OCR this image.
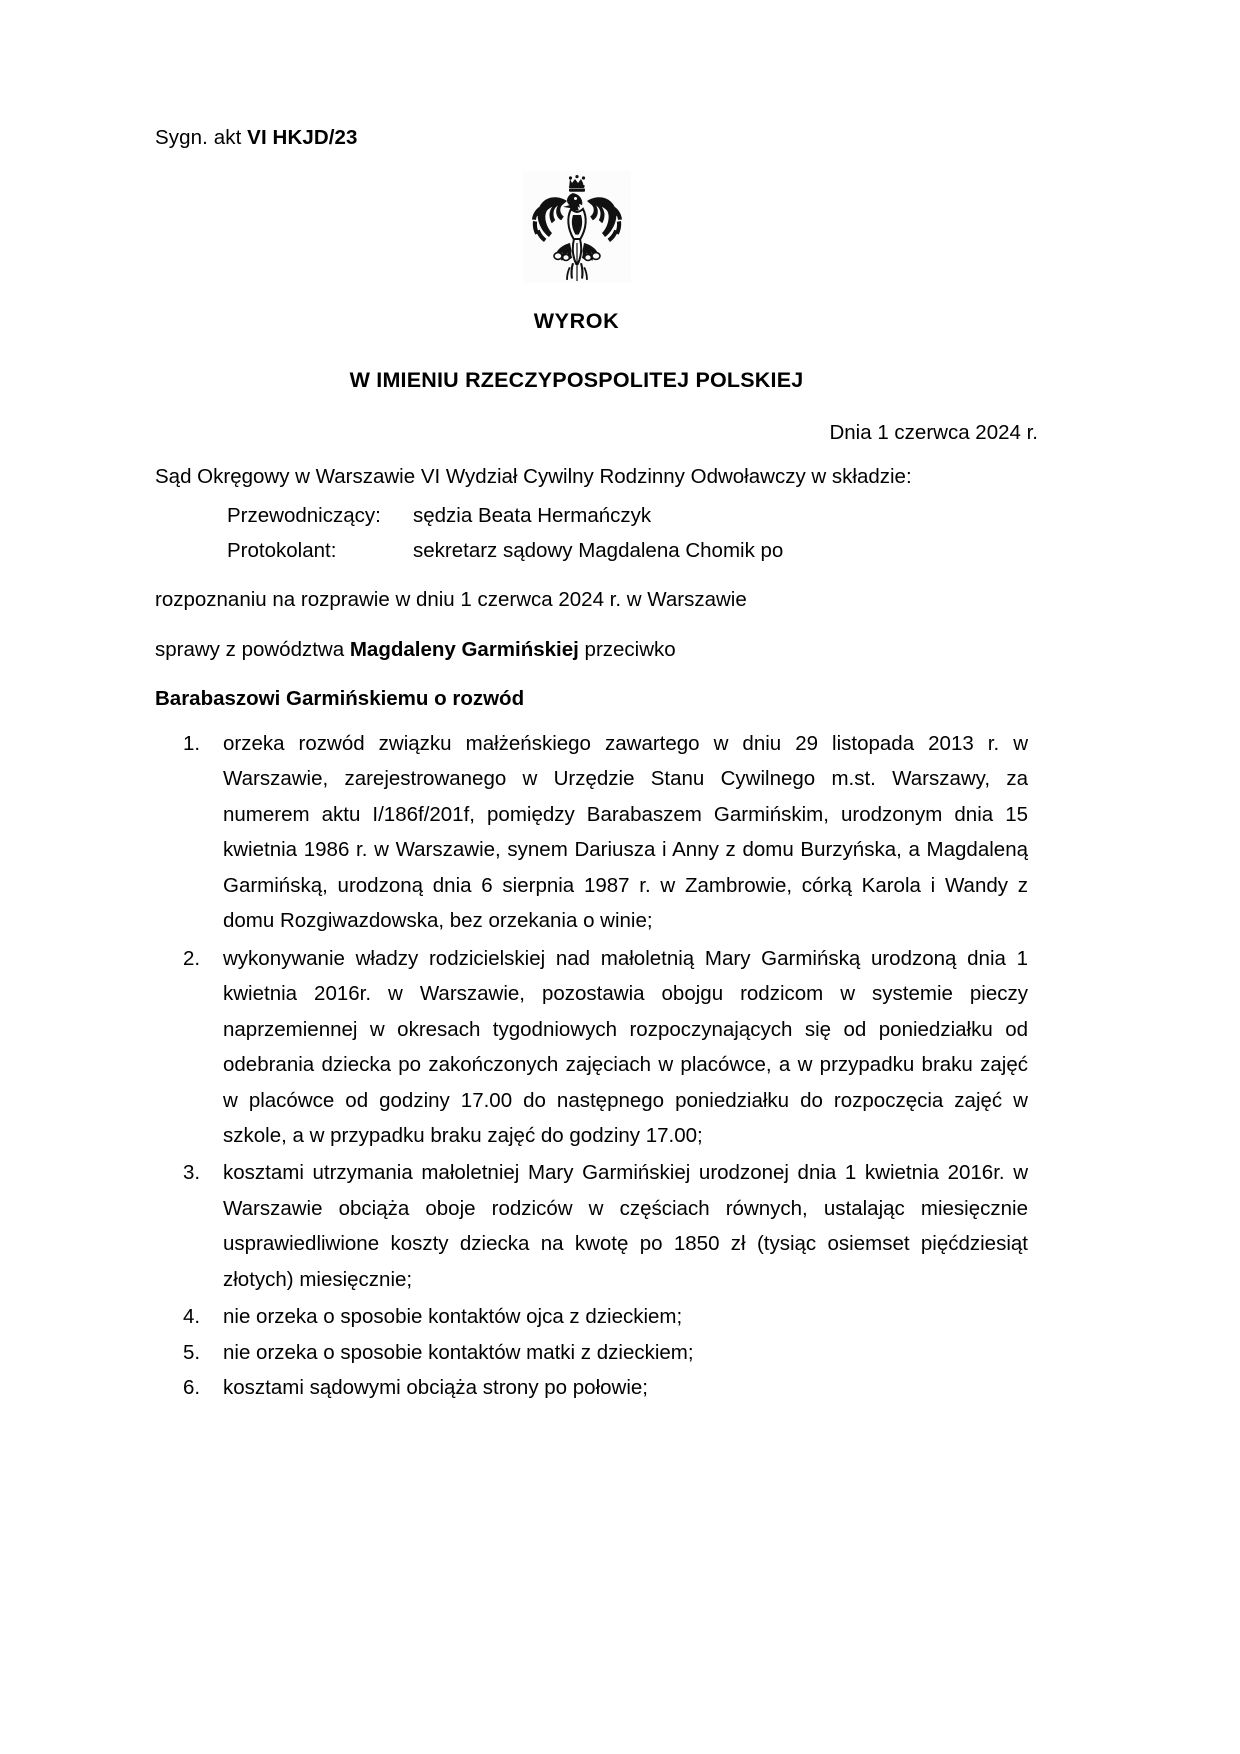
Sygn. akt VI HKJD/23
WYROK
W IMIENIU RZECZYPOSPOLITEJ POLSKIEJ
Dnia 1 czerwca 2024 r.
Sąd Okręgowy w Warszawie VI Wydział Cywilny Rodzinny Odwoławczy w składzie:
Przewodniczący:	sędzia Beata Hermańczyk
Protokolant:	sekretarz sądowy Magdalena Chomik po
rozpoznaniu na rozprawie w dniu 1 czerwca 2024 r. w Warszawie
sprawy z powództwa Magdaleny Garmińskiej przeciwko
Barabaszowi Garmińskiemu o rozwód
orzeka rozwód związku małżeńskiego zawartego w dniu 29 listopada 2013 r. w Warszawie, zarejestrowanego w Urzędzie Stanu Cywilnego m.st. Warszawy, za numerem aktu I/186f/201f, pomiędzy Barabaszem Garmińskim, urodzonym dnia 15 kwietnia 1986 r. w Warszawie, synem Dariusza i Anny z domu Burzyńska, a Magdaleną Garmińską, urodzoną dnia 6 sierpnia 1987 r. w Zambrowie, córką Karola i Wandy z domu Rozgiwazdowska, bez orzekania o winie;
wykonywanie władzy rodzicielskiej nad małoletnią Mary Garmińską urodzoną dnia 1 kwietnia 2016r. w Warszawie, pozostawia obojgu rodzicom w systemie pieczy naprzemiennej w okresach tygodniowych rozpoczynających się od poniedziałku od odebrania dziecka po zakończonych zajęciach w placówce, a w przypadku braku zajęć w placówce od godziny 17.00 do następnego poniedziałku do rozpoczęcia zajęć w szkole, a w przypadku braku zajęć do godziny 17.00;
kosztami utrzymania małoletniej Mary Garmińskiej urodzonej dnia 1 kwietnia 2016r. w Warszawie obciąża oboje rodziców w częściach równych, ustalając miesięcznie usprawiedliwione koszty dziecka na kwotę po 1850 zł (tysiąc osiemset pięćdziesiąt złotych) miesięcznie;
nie orzeka o sposobie kontaktów ojca z dzieckiem;
nie orzeka o sposobie kontaktów matki z dzieckiem;
kosztami sądowymi obciąża strony po połowie;
